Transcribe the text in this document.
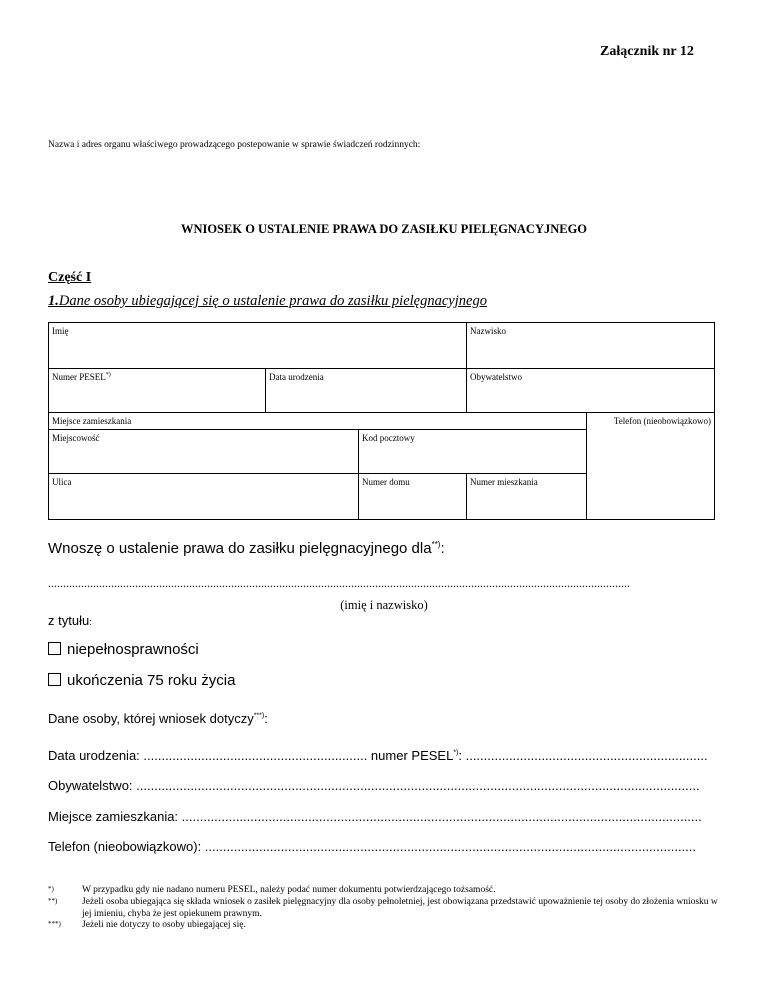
Załącznik nr 12
Nazwa i adres organu właściwego prowadzącego postepowanie w sprawie świadczeń rodzinnych:
WNIOSEK O USTALENIE PRAWA DO ZASIŁKU PIELĘGNACYJNEGO
Część I
1.Dane osoby ubiegającej się o ustalenie prawa do zasiłku pielęgnacyjnego
Imię			Nazwisko	
Numer PESEL*)	Data urodzenia		Obywatelstwo	
Miejsce zamieszkania				Telefon (nieobowiązkowo)
Miejscowość		Kod pocztowy		
Ulica		Numer domu	Numer mieszkania	
Wnoszę o ustalenie prawa do zasiłku pielęgnacyjnego dla**):
..................................................................................................................................................................................................
(imię i nazwisko)
z tytułu:
niepełnosprawności
ukończenia 75 roku życia
Dane osoby, której wniosek dotyczy***):
Data urodzenia: .............................................................. numer PESEL*): ...................................................................
Obywatelstwo: ............................................................................................................................................................
Miejsce zamieszkania: ................................................................................................................................................
Telefon (nieobowiązkowo): ........................................................................................................................................
*)	W przypadku gdy nie nadano numeru PESEL, należy podać numer dokumentu potwierdzającego tożsamość.
**)	Jeżeli osoba ubiegająca się składa wniosek o zasiłek pielęgnacyjny dla osoby pełnoletniej, jest obowiązana przedstawić upoważnienie tej osoby do złożenia wniosku w jej imieniu, chyba że jest opiekunem prawnym.
***) Jeżeli nie dotyczy to osoby ubiegającej się.
